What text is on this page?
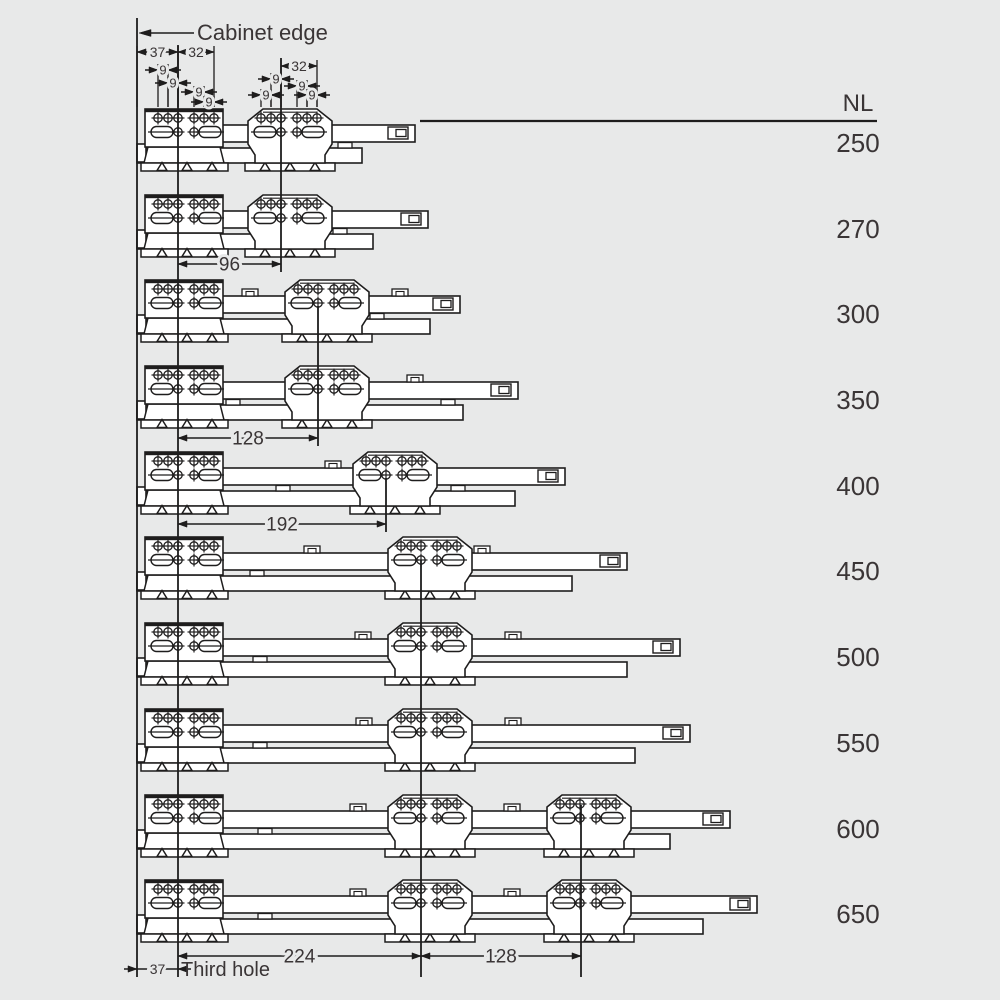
250
270
300
350
400
450
500
550
600
650
37 32
9
9
9
9
32
9 9
9	9
96
128
192
224	128
37
Cabinet edge
Third hole
NL
